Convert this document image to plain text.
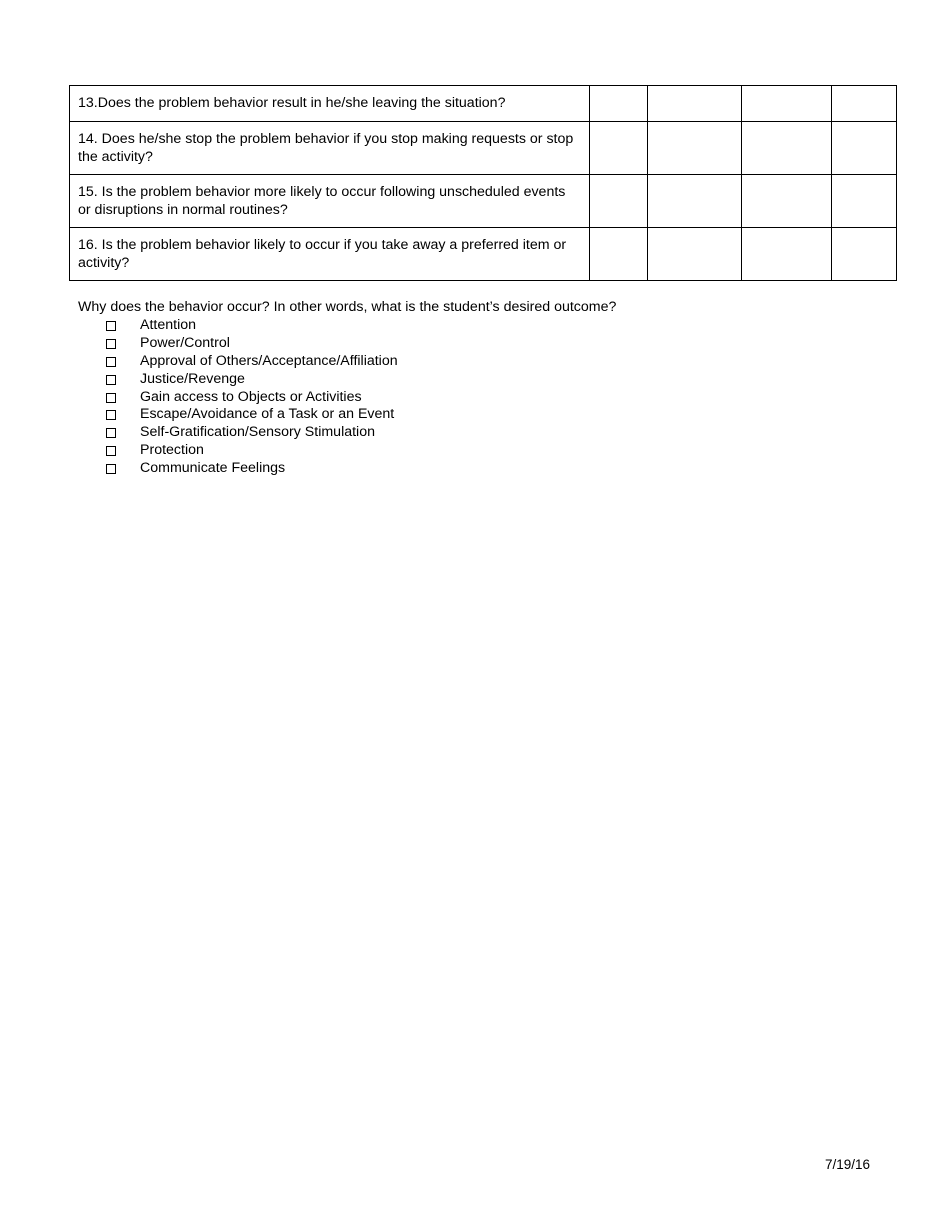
13.Does the problem behavior result in he/she leaving the situation?				
14. Does he/she stop the problem behavior if you stop making requests or stop the activity?				
15. Is the problem behavior more likely to occur following unscheduled events or disruptions in normal routines?				
16. Is the problem behavior likely to occur if you take away a preferred item or activity?				
Why does the behavior occur? In other words, what is the student’s desired outcome?
Attention
Power/Control
Approval of Others/Acceptance/Affiliation
Justice/Revenge
Gain access to Objects or Activities
Escape/Avoidance of a Task or an Event
Self-Gratification/Sensory Stimulation
Protection
Communicate Feelings
7/19/16
